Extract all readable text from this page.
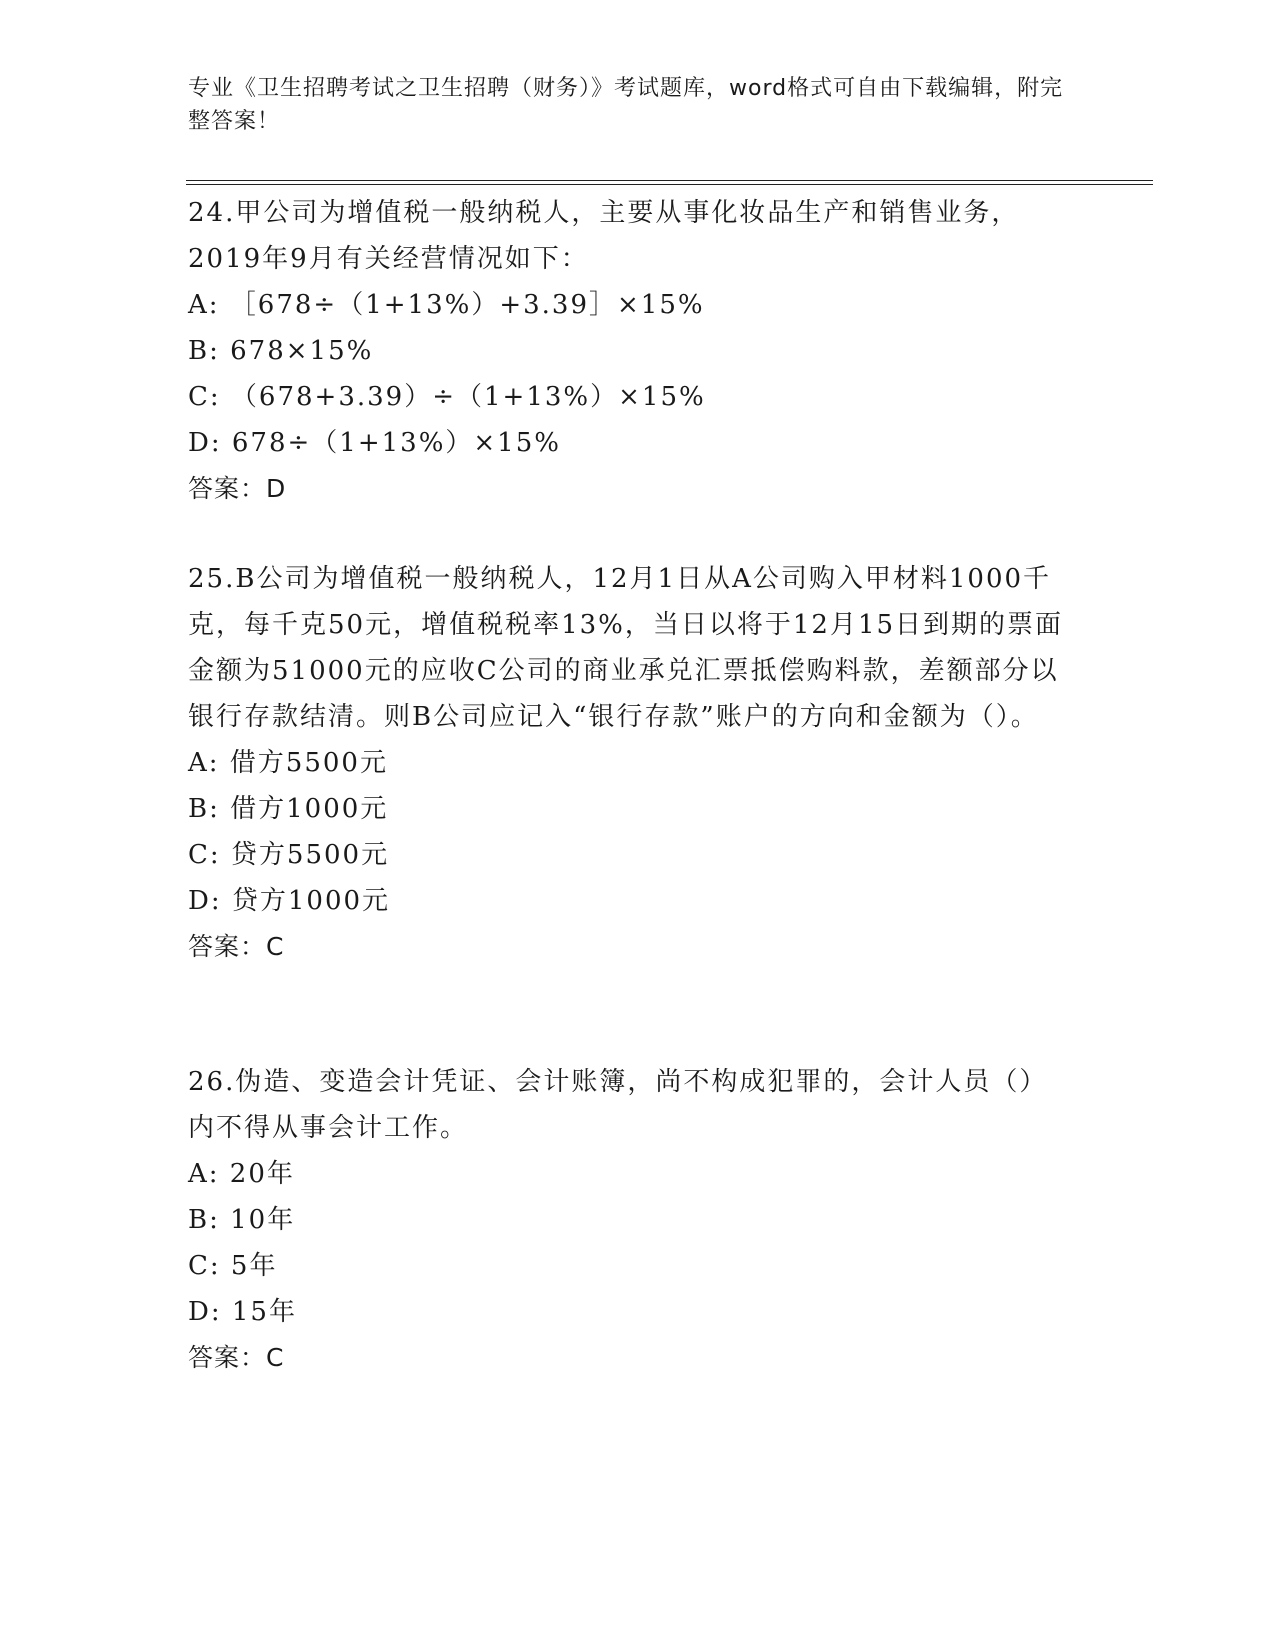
专业《卫生招聘考试之卫生招聘（财务）》考试题库，word格式可自由下载编辑，附完整答案！

24.甲公司为增值税一般纳税人，主要从事化妆品生产和销售业务，2019年9月有关经营情况如下：

A: ［678÷（1+13%）+3.39］×15%

B: 678×15%

C: （678+3.39）÷（1+13%）×15%

D: 678÷（1+13%）×15%

答案：D

25.B公司为增值税一般纳税人，12月1日从A公司购入甲材料1000千克，每千克50元，增值税税率13%，当日以将于12月15日到期的票面金额为51000元的应收C公司的商业承兑汇票抵偿购料款，差额部分以银行存款结清。则B公司应记入“银行存款”账户的方向和金额为（）。

A: 借方5500元

B: 借方1000元

C: 贷方5500元

D: 贷方1000元

答案：C

26.伪造、变造会计凭证、会计账簿，尚不构成犯罪的，会计人员（）内不得从事会计工作。

A: 20年

B: 10年

C: 5年

D: 15年

答案：C
